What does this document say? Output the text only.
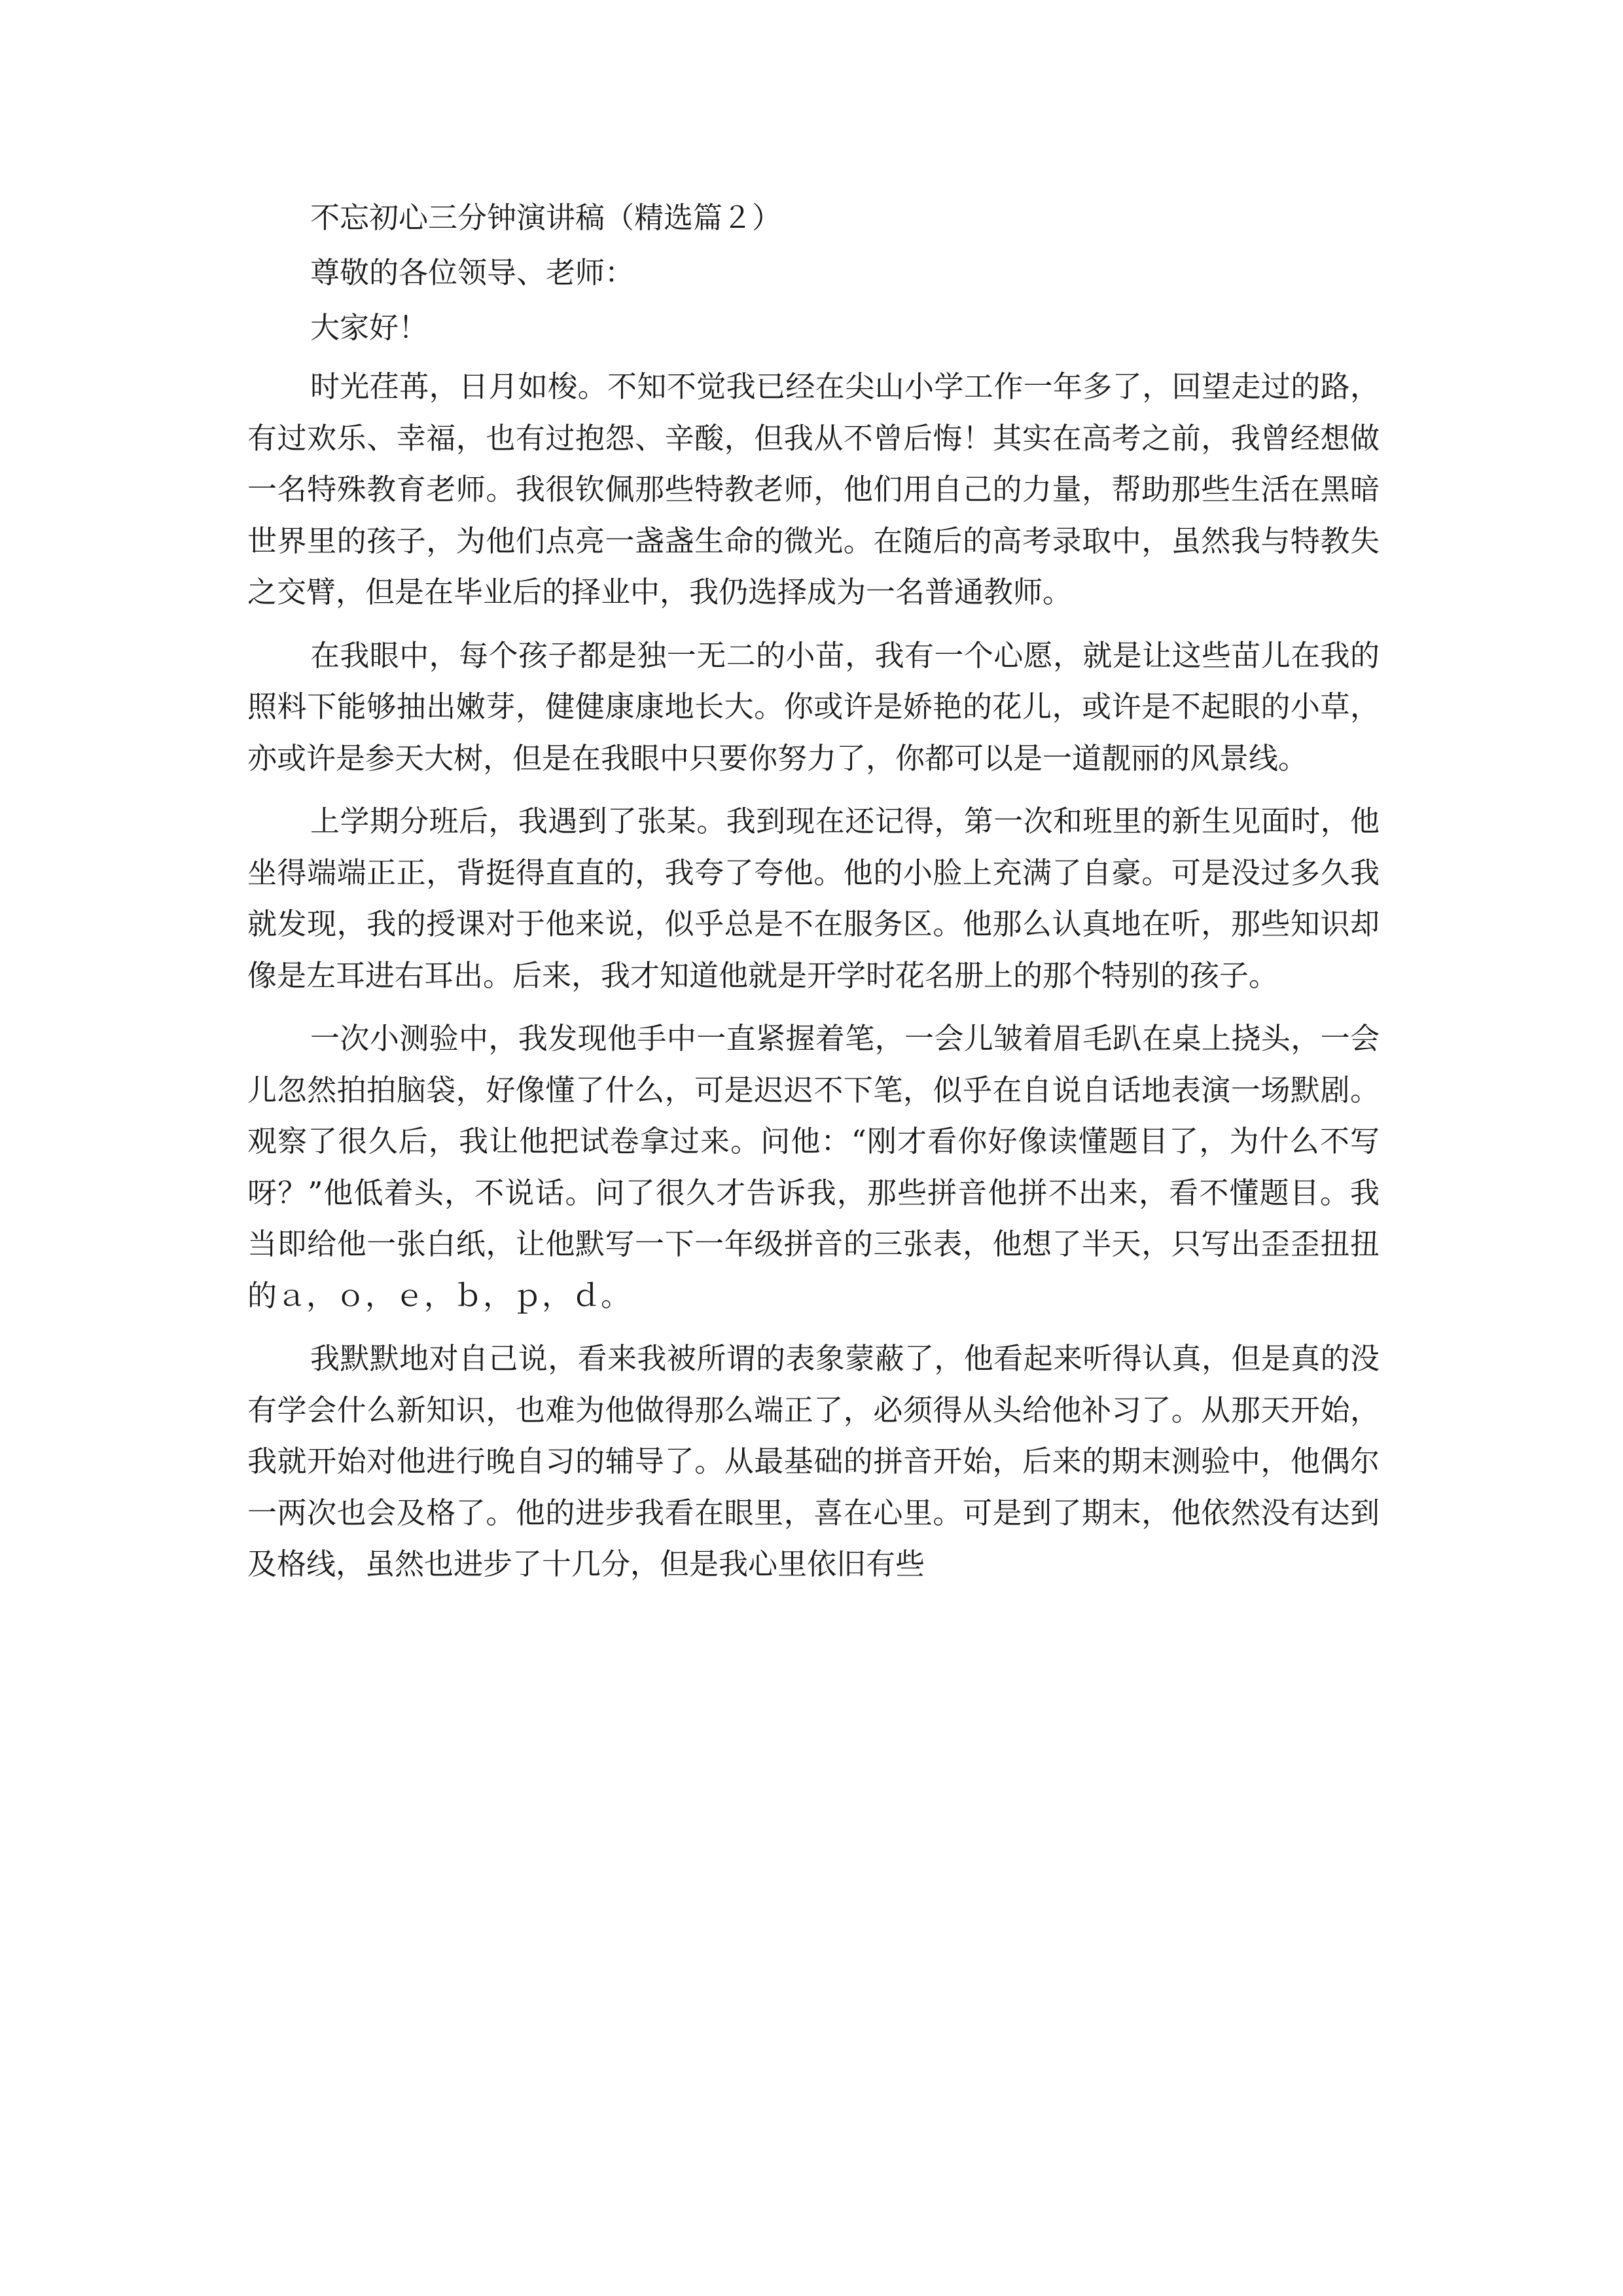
不忘初心三分钟演讲稿（精选篇２）
尊敬的各位领导、老师：
大家好！

时光荏苒，日月如梭。不知不觉我已经在尖山小学工作一年多了，回望走过的路，有过欢乐、幸福，也有过抱怨、辛酸，但我从不曾后悔！其实在高考之前，我曾经想做一名特殊教育老师。我很钦佩那些特教老师，他们用自己的力量，帮助那些生活在黑暗世界里的孩子，为他们点亮一盏盏生命的微光。在随后的高考录取中，虽然我与特教失之交臂，但是在毕业后的择业中，我仍选择成为一名普通教师。

在我眼中，每个孩子都是独一无二的小苗，我有一个心愿，就是让这些苗儿在我的照料下能够抽出嫩芽，健健康康地长大。你或许是娇艳的花儿，或许是不起眼的小草，亦或许是参天大树，但是在我眼中只要你努力了，你都可以是一道靓丽的风景线。

上学期分班后，我遇到了张某。我到现在还记得，第一次和班里的新生见面时，他坐得端端正正，背挺得直直的，我夸了夸他。他的小脸上充满了自豪。可是没过多久我就发现，我的授课对于他来说，似乎总是不在服务区。他那么认真地在听，那些知识却像是左耳进右耳出。后来，我才知道他就是开学时花名册上的那个特别的孩子。

一次小测验中，我发现他手中一直紧握着笔，一会儿皱着眉毛趴在桌上挠头，一会儿忽然拍拍脑袋，好像懂了什么，可是迟迟不下笔，似乎在自说自话地表演一场默剧。观察了很久后，我让他把试卷拿过来。问他：“刚才看你好像读懂题目了，为什么不写呀？”他低着头，不说话。问了很久才告诉我，那些拼音他拼不出来，看不懂题目。我当即给他一张白纸，让他默写一下一年级拼音的三张表，他想了半天，只写出歪歪扭扭的ａ，ｏ，ｅ，ｂ，ｐ，ｄ。

我默默地对自己说，看来我被所谓的表象蒙蔽了，他看起来听得认真，但是真的没有学会什么新知识，也难为他做得那么端正了，必须得从头给他补习了。从那天开始，我就开始对他进行晚自习的辅导了。从最基础的拼音开始，后来的期末测验中，他偶尔一两次也会及格了。他的进步我看在眼里，喜在心里。可是到了期末，他依然没有达到及格线，虽然也进步了十几分，但是我心里依旧有些
